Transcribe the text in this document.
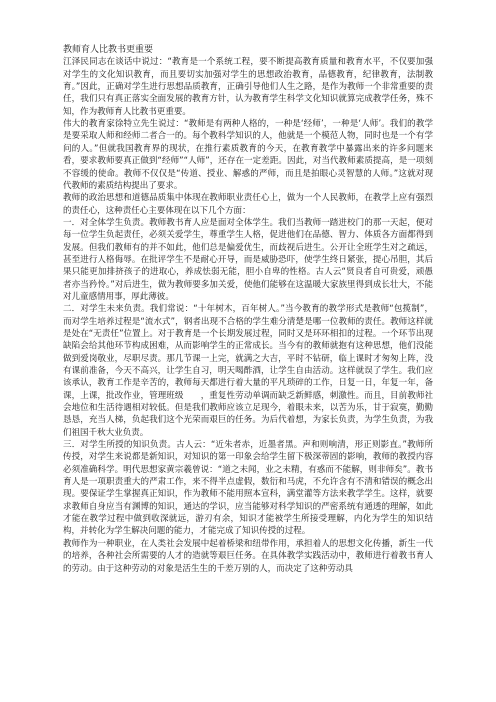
教师育人比教书更重要

江泽民同志在谈话中说过：“教育是一个系统工程，要不断提高教育质量和教育水平，不仅要加强对学生的文化知识教育，而且要切实加强对学生的思想政治教育，品德教育，纪律教育，法制教育。”因此，正确对学生进行思想品质教育，正确引导他们人生之路，是作为教师一个非常重要的责任，我们只有真正落实全面发展的教育方针，认为教育学生科学文化知识就算完成教学任务，殊不知，作为教师育人比教书更重要。

伟大的教育家徐特立先生说过：“教师是有两种人格的，一种是‘经师’，一种是‘人师’。我们的教学是要采取人师和经师二者合一的。每个教科学知识的人，他就是一个模范人物，同时也是一个有学问的人。”但就我国教育界的现状，在推行素质教育的今天，在教育教学中暴露出来的许多问题来看，要求教师要真正做到“经师”“人师”，还存在一定差距。因此，对当代教师素质提高，是一项刻不容缓的使命。教师不仅仅是“传道、授业、解惑的严师，而且是拍眼心灵智慧的人师。”这就对现代教师的素质结构提出了要求。

教师的政治思想和道德品质集中体现在教师职业责任心上，做为一个人民教师，在教学上应有强烈的责任心，这种责任心主要体现在以下几个方面：

一．对全体学生负责。教师教书育人应是面对全体学生。我们当教师一踏进校门的那一天起，便对每一位学生负起责任，必须关爱学生，尊重学生人格，促进他们在品德、智力、体质各方面都得到发展。但我们教师有的并不如此，他们总是偏爱优生，而歧视后进生。公开让全班学生对之疏远，甚至进行人格侮辱。在批评学生不是耐心开导，而是威胁恐吓，使学生终日紧张，提心吊胆，其后果只能更加排挤孩子的进取心，养成怯弱无能，胆小自卑的性格。古人云“贤良者自可贵爱，顽愚者亦当矜怜。”对后进生，做为教师要多加关爱，使他们能够在这温暖大家族里得到成长壮大，不能对儿童感情用事，厚此薄彼。

二．对学生未来负责。我们常说：“十年树木，百年树人。”当今教育的教学形式是教师“包揽制”，而对学生培养过程是“流水式”，钢者出现不合格的学生难分清楚是哪一位教师的责任。教师这样就是处在“无责任”位置上。对于教育是一个长期发展过程，同时又是环环相扣的过程。一个环节出现缺陷会给其他环节构成困难，从而影响学生的正常成长。当今有的教师就抱有这种思想，他们没能做到爱岗敬业，尽职尽责。那几节课一上完，就满之大吉，平时不钻研，临上课时才匆匆上阵，没有课前准备，今天不高兴，让学生自习，明天喝酢酒，让学生自由活动。这样就误了学生。我们应该承认，教育工作是辛苦的，教师每天都进行着大量的平凡琐碎的工作，日复一日，年复一年，备课，上课，批改作业，管理班级　　，重复性劳动单调而缺乏新鲜感，刺激性。而且，目前教师社会地位和生活待遇相对较低。但是我们教师应该立足现今，着眼未来，以苦为乐，甘于寂寞，勤勤恳恳，充当人梯，负起我们这个光荣而艰巨的任务。为后代着想，为家长负责，为学生负责，为我们祖国千秋大业负责。

三．对学生所授的知识负责。古人云：“近朱者赤，近墨者黑。声和则响清，形正则影直。”教师所传授，对学生来说都是新知识，对知识的第一印象会给学生留下极深蒂固的影响，教师的教授内容必须准确科学。明代思想家黄宗羲曾说：“道之未闻，业之未精，有惑而不能解，则非师矣”。教书育人是一项职责重大的严肃工作，来不得半点虚假，数衍和马虎，不允许含有不清和错误的概念出现。要保证学生掌握真正知识，作为教师不能用照本宣科，满堂灌等方法来教学学生。这样，就要求教师自身应当有渊博的知识，通达的学识，应当能够对科学知识的严密系统有通透的理解，如此才能在教学过程中做到收深就远，游刃有余，知识才能被学生所接受理解，内化为学生的知识结构，并转化为学生解决问题的能力，才能完成了知识传授的过程。

教师作为一种职业，在人类社会发展中起着桥梁和纽带作用，承担着人的思想文化传播，新生一代的培养，各种社会所需要的人才的造就等艰巨任务。在具体教学实践活动中，教师进行着教书育人的劳动。由于这种劳动的对象是活生生的千差万别的人，而决定了这种劳动具
